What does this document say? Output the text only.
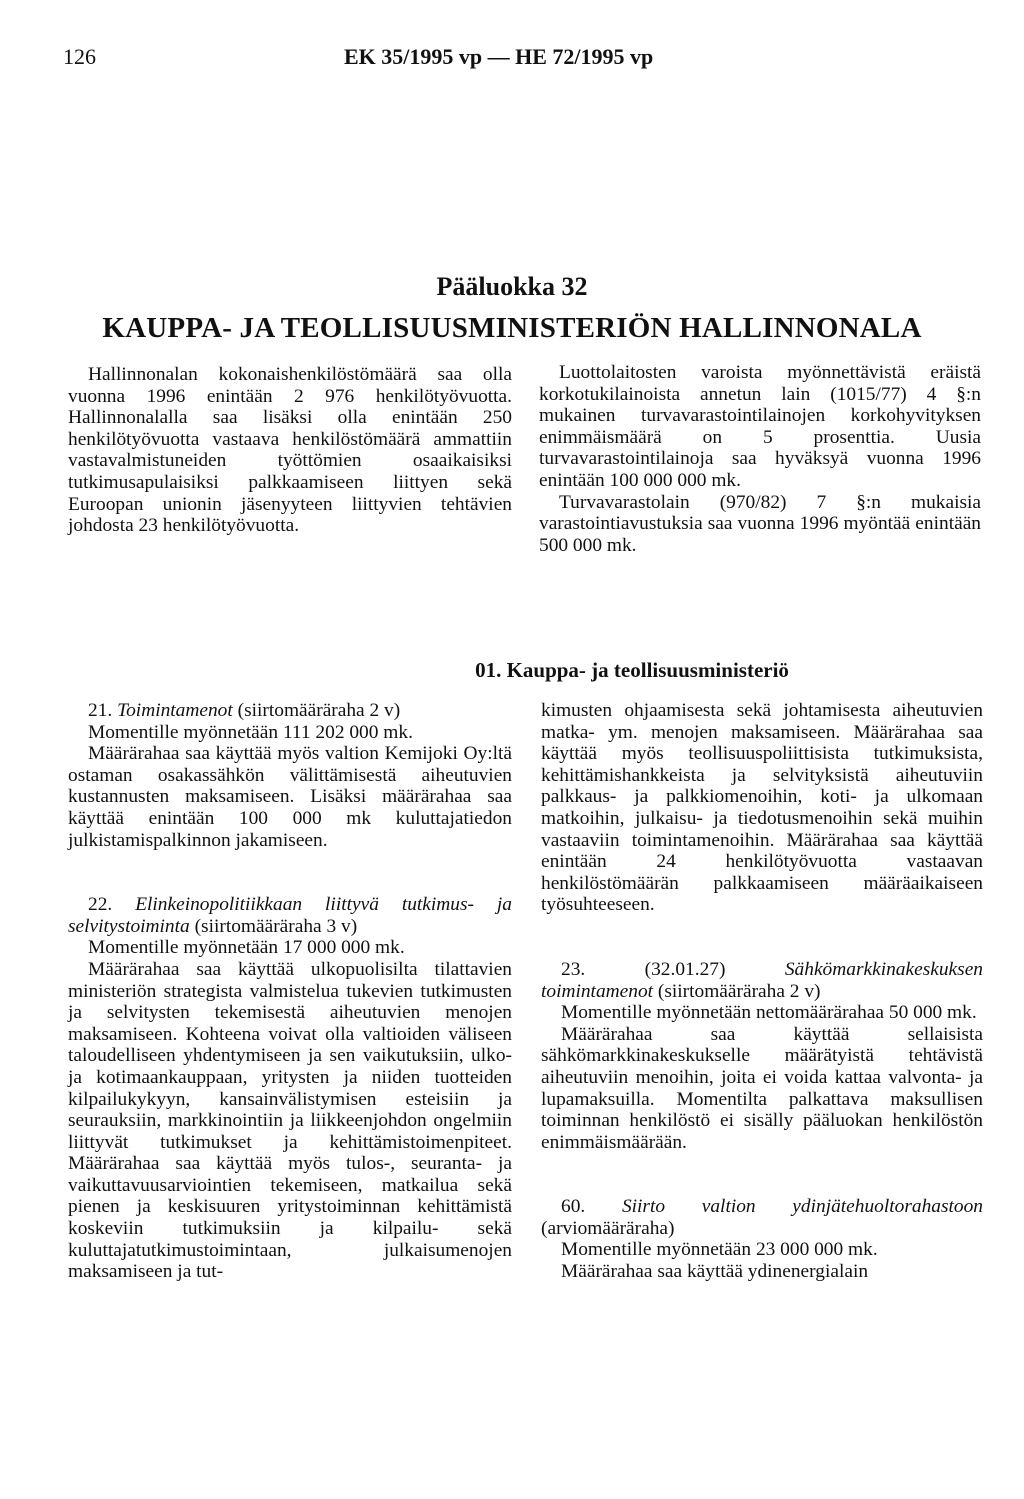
126	EK 35/1995 vp — HE 72/1995 vp
Pääluokka 32
KAUPPA- JA TEOLLISUUSMINISTERIÖN HALLINNONALA

Hallinnonalan kokonaishenkilöstömäärä saa olla vuonna 1996 enintään 2 976 henkilötyövuotta. Hallinnonalalla saa lisäksi olla enintään 250 henkilötyövuotta vastaava henkilöstömäärä ammattiin vastavalmistuneiden työttömien osaaikaisiksi tutkimusapulaisiksi palkkaamiseen liittyen sekä Euroopan unionin jäsenyyteen liittyvien tehtävien johdosta 23 henkilötyövuotta.

Luottolaitosten varoista myönnettävistä eräistä korkotukilainoista annetun lain (1015/77) 4 §:n mukainen turvavarastointilainojen korkohyvityksen enimmäismäärä on 5 prosenttia. Uusia turvavarastointilainoja saa hyväksyä vuonna 1996 enintään 100 000 000 mk.

Turvavarastolain (970/82) 7 §:n mukaisia varastointiavustuksia saa vuonna 1996 myöntää enintään 500 000 mk.

01. Kauppa- ja teollisuusministeriö

21. Toimintamenot (siirtomääräraha 2 v)

Momentille myönnetään 111 202 000 mk.

Määrärahaa saa käyttää myös valtion Kemijoki Oy:ltä ostaman osakassähkön välittämisestä aiheutuvien kustannusten maksamiseen. Lisäksi määrärahaa saa käyttää enintään 100 000 mk kuluttajatiedon julkistamispalkinnon jakamiseen.

22. Elinkeinopolitiikkaan liittyvä tutkimus- ja selvitystoiminta (siirtomääräraha 3 v)

Momentille myönnetään 17 000 000 mk.

Määrärahaa saa käyttää ulkopuolisilta tilattavien ministeriön strategista valmistelua tukevien tutkimusten ja selvitysten tekemisestä aiheutuvien menojen maksamiseen. Kohteena voivat olla valtioiden väliseen taloudelliseen yhdentymiseen ja sen vaikutuksiin, ulko- ja kotimaankauppaan, yritysten ja niiden tuotteiden kilpailukykyyn, kansainvälistymisen esteisiin ja seurauksiin, markkinointiin ja liikkeenjohdon ongelmiin liittyvät tutkimukset ja kehittämistoimenpiteet. Määrärahaa saa käyttää myös tulos-, seuranta- ja vaikuttavuusarviointien tekemiseen, matkailua sekä pienen ja keskisuuren yritystoiminnan kehittämistä koskeviin tutkimuksiin ja kilpailu- sekä kuluttajatutkimustoimintaan, julkaisumenojen maksamiseen ja tut-

kimusten ohjaamisesta sekä johtamisesta aiheutuvien matka- ym. menojen maksamiseen. Määrärahaa saa käyttää myös teollisuuspoliittisista tutkimuksista, kehittämishankkeista ja selvityksistä aiheutuviin palkkaus- ja palkkiomenoihin, koti- ja ulkomaan matkoihin, julkaisu- ja tiedotusmenoihin sekä muihin vastaaviin toimintamenoihin. Määrärahaa saa käyttää enintään 24 henkilötyövuotta vastaavan henkilöstömäärän palkkaamiseen määräaikaiseen työsuhteeseen.

23. (32.01.27)	Sähkömarkkinakeskuksen toimintamenot (siirtomääräraha 2 v)

Momentille myönnetään nettomäärärahaa 50 000 mk.

Määrärahaa saa käyttää sellaisista sähkömarkkinakeskukselle määrätyistä tehtävistä aiheutuviin menoihin, joita ei voida kattaa valvonta- ja lupamaksuilla. Momentilta palkattava maksullisen toiminnan henkilöstö ei sisälly pääluokan henkilöstön enimmäismäärään.

60. Siirto valtion ydinjätehuoltorahastoon (arviomääräraha)

Momentille myönnetään 23 000 000 mk.

Määrärahaa saa käyttää ydinenergialain
